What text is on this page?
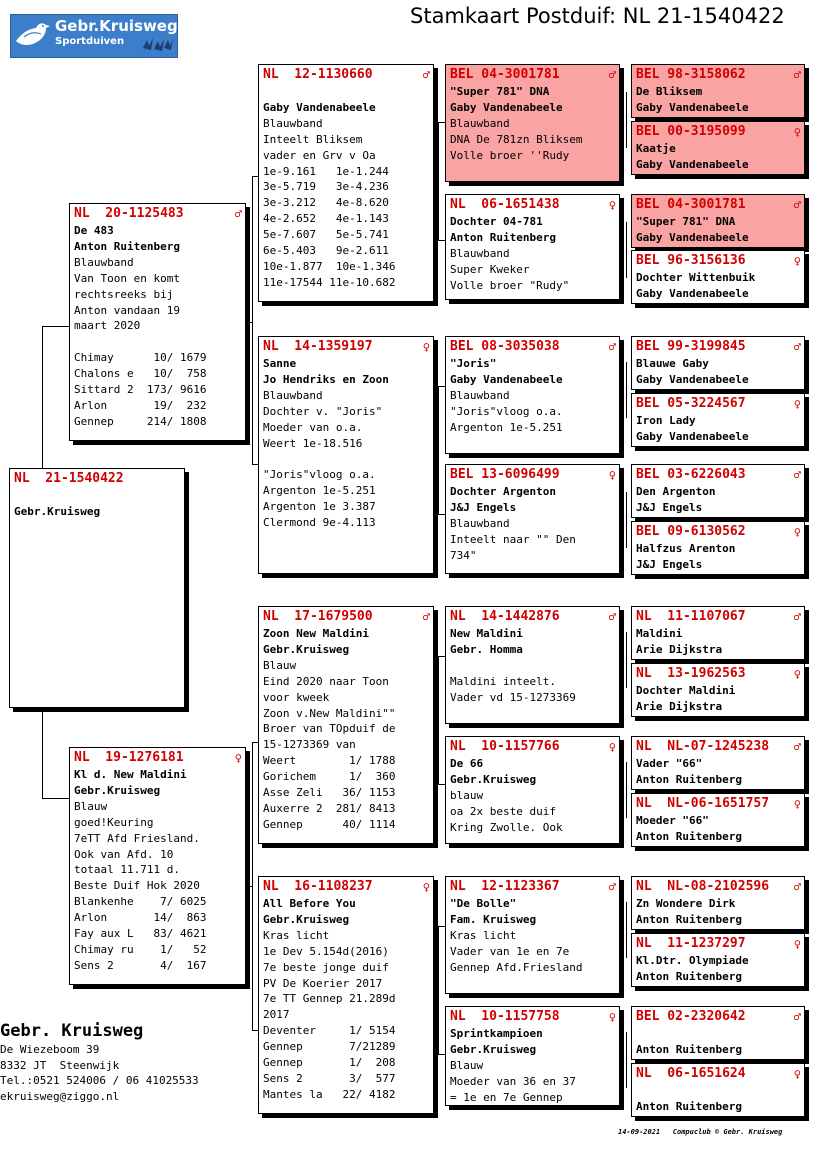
Gebr.Kruisweg
Sportduiven
Stamkaart Postduif: NL 21-1540422
NL  21-1540422

Gebr.Kruisweg
NL  20-1125483	♂
De 483
Anton Ruitenberg
Blauwband
Van Toon en komt
rechtsreeks bij
Anton vandaan 19
maart 2020

Chimay      10/ 1679
Chalons e   10/  758
Sittard 2  173/ 9616
Arlon       19/  232
Gennep     214/ 1808
NL  19-1276181	♀
Kl d. New Maldini
Gebr.Kruisweg
Blauw
goed!Keuring
7eTT Afd Friesland.
Ook van Afd. 10
totaal 11.711 d.
Beste Duif Hok 2020
Blankenhe    7/ 6025
Arlon       14/  863
Fay aux L   83/ 4621
Chimay ru    1/   52
Sens 2       4/  167
NL  12-1130660	♂

Gaby Vandenabeele
Blauwband
Inteelt Bliksem
vader en Grv v Oa
1e-9.161   1e-1.244
3e-5.719   3e-4.236
3e-3.212   4e-8.620
4e-2.652   4e-1.143
5e-7.607   5e-5.741
6e-5.403   9e-2.611
10e-1.877  10e-1.346
11e-17544 11e-10.682
NL  14-1359197	♀
Sanne
Jo Hendriks en Zoon
Blauwband
Dochter v. "Joris"
Moeder van o.a.
Weert 1e-18.516

"Joris"vloog o.a.
Argenton 1e-5.251
Argenton 1e 3.387
Clermond 9e-4.113
NL  17-1679500	♂
Zoon New Maldini
Gebr.Kruisweg
Blauw
Eind 2020 naar Toon
voor kweek
Zoon v.New Maldini""
Broer van TOpduif de
15-1273369 van
Weert        1/ 1788
Gorichem     1/  360
Asse Zeli   36/ 1153
Auxerre 2  281/ 8413
Gennep      40/ 1114
NL  16-1108237	♀
All Before You
Gebr.Kruisweg
Kras licht
1e Dev 5.154d(2016)
7e beste jonge duif
PV De Koerier 2017
7e TT Gennep 21.289d
2017
Deventer     1/ 5154
Gennep       7/21289
Gennep       1/  208
Sens 2       3/  577
Mantes la   22/ 4182
BEL 04-3001781	♂
"Super 781" DNA
Gaby Vandenabeele
Blauwband
DNA De 781zn Bliksem
Volle broer ''Rudy
NL  06-1651438	♀
Dochter 04-781
Anton Ruitenberg
Blauwband
Super Kweker
Volle broer "Rudy"
BEL 08-3035038	♂
"Joris"
Gaby Vandenabeele
Blauwband
"Joris"vloog o.a.
Argenton 1e-5.251
BEL 13-6096499	♀
Dochter Argenton
J&J Engels
Blauwband
Inteelt naar "" Den
734"
NL  14-1442876	♂
New Maldini
Gebr. Homma

Maldini inteelt.
Vader vd 15-1273369
NL  10-1157766	♀
De 66
Gebr.Kruisweg
blauw
oa 2x beste duif
Kring Zwolle. Ook
NL  12-1123367	♂
"De Bolle"
Fam. Kruisweg
Kras licht
Vader van 1e en 7e
Gennep Afd.Friesland
NL  10-1157758	♀
Sprintkampioen
Gebr.Kruisweg
Blauw
Moeder van 36 en 37
= 1e en 7e Gennep
BEL 98-3158062	♂
De Bliksem
Gaby Vandenabeele
BEL 00-3195099	♀
Kaatje
Gaby Vandenabeele
BEL 04-3001781	♂
"Super 781" DNA
Gaby Vandenabeele
BEL 96-3156136	♀
Dochter Wittenbuik
Gaby Vandenabeele
BEL 99-3199845	♂
Blauwe Gaby
Gaby Vandenabeele
BEL 05-3224567	♀
Iron Lady
Gaby Vandenabeele
BEL 03-6226043	♂
Den Argenton
J&J Engels
BEL 09-6130562	♀
Halfzus Arenton
J&J Engels
NL  11-1107067	♂
Maldini
Arie Dijkstra
NL  13-1962563	♀
Dochter Maldini
Arie Dijkstra
NL  NL-07-1245238 ♂
Vader "66"
Anton Ruitenberg
NL  NL-06-1651757 ♀
Moeder "66"
Anton Ruitenberg
NL  NL-08-2102596 ♂
Zn Wondere Dirk
Anton Ruitenberg
NL  11-1237297	♀
Kl.Dtr. Olympiade
Anton Ruitenberg
BEL 02-2320642	♂

Anton Ruitenberg
NL  06-1651624	♀

Anton Ruitenberg
Gebr. Kruisweg
De Wiezeboom 39
8332 JT  Steenwijk
Tel.:0521 524006 / 06 41025533
ekruisweg@ziggo.nl
14-09-2021   Compuclub © Gebr. Kruisweg
